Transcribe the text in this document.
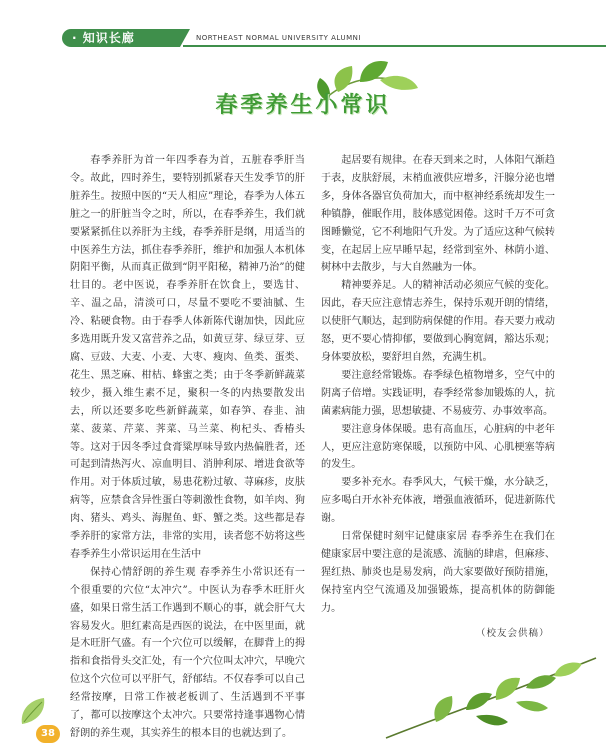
· 知识长廊	NORTHEAST NORMAL UNIVERSITY ALUMNI
春季养生小常识

春季养肝为首一年四季春为首，五脏春季肝当令。故此，四时养生，要特别抓紧春天生发季节的肝脏养生。按照中医的“天人相应”理论，春季为人体五脏之一的肝脏当令之时，所以，在春季养生，我们就要紧紧抓住以养肝为主线，春季养肝是纲，用适当的中医养生方法，抓住春季养肝，维护和加强人本机体阴阳平衡，从而真正做到“阴平阳秘，精神乃治”的健壮目的。老中医说，春季养肝在饮食上，要选甘、辛、温之品，清淡可口，尽量不要吃不要油腻、生冷、粘硬食物。由于春季人体新陈代谢加快，因此应多选用既升发又富营养之品，如黄豆芽、绿豆芽、豆腐、豆豉、大麦、小麦、大枣、瘦肉、鱼类、蛋类、花生、黑芝麻、柑桔、蜂蜜之类；由于冬季新鲜蔬菜较少，摄入维生素不足，聚积一冬的内热要散发出去，所以还要多吃些新鲜蔬菜，如春笋、春韭、油菜、菠菜、芹菜、荠菜、马兰菜、枸杞头、香椿头等。这对于因冬季过食膏粱厚味导致内热偏胜者，还可起到清热泻火、凉血明目、消肿利尿、增进食欲等作用。对于体质过敏，易患花粉过敏、荨麻疹，皮肤病等，应禁食含异性蛋白等刺激性食物，如羊肉、狗肉、猪头、鸡头、海腥鱼、虾、蟹之类。这些都是春季养肝的家常方法，非常的实用，读者您不妨将这些春季养生小常识运用在生活中

保持心情舒朗的养生观 春季养生小常识还有一个很重要的穴位“太冲穴”。中医认为春季木旺肝火盛，如果日常生活工作遇到不顺心的事，就会肝气大容易发火。胆红素高是西医的说法，在中医里面，就是木旺肝气盛。有一个穴位可以缓解，在脚背上的拇指和食指骨头交汇处，有一个穴位叫太冲穴，早晚穴位这个穴位可以平肝气，舒郁结。不仅春季可以自己经常按摩，日常工作被老板训了、生活遇到不平事了，都可以按摩这个太冲穴。只要常持逢事遇物心情舒朗的养生观，其实养生的根本目的也就达到了。

起居要有规律。在春天到来之时，人体阳气渐趋于表，皮肤舒展，末梢血液供应增多，汗腺分泌也增多，身体各器官负荷加大，而中枢神经系统却发生一种镇静，催眠作用，肢体感觉困倦。这时千万不可贪图睡懒觉，它不利地阳气升发。为了适应这种气候转变，在起居上应早睡早起，经常到室外、林荫小道、树林中去散步，与大自然融为一体。

精神要养足。人的精神活动必须应气候的变化。因此，春天应注意情志养生，保持乐观开朗的情绪，以使肝气顺达，起到防病保健的作用。春天要力戒动怒，更不要心情抑郁，要做到心胸宽阔，豁达乐观；身体要放松，要舒坦自然，充满生机。

要注意经常锻炼。春季绿色植物增多，空气中的阴离子倍增。实践证明，春季经常参加锻炼的人，抗菌素病能力强，思想敏捷、不易疲劳、办事效率高。

要注意身体保暖。患有高血压，心脏病的中老年人，更应注意防寒保暖，以预防中风、心肌梗塞等病的发生。

要多补充水。春季风大，气候干燥，水分缺乏，应多喝白开水补充体液，增强血液循环，促进新陈代谢。

日常保健时刻牢记健康家居 春季养生在我们在健康家居中要注意的是流感、流脑的肆虐，但麻疹、猩红热、肺炎也是易发病，尚大家要做好预防措施，保持室内空气流通及加强锻炼，提高机体的防御能力。

（校友会供稿）
38
